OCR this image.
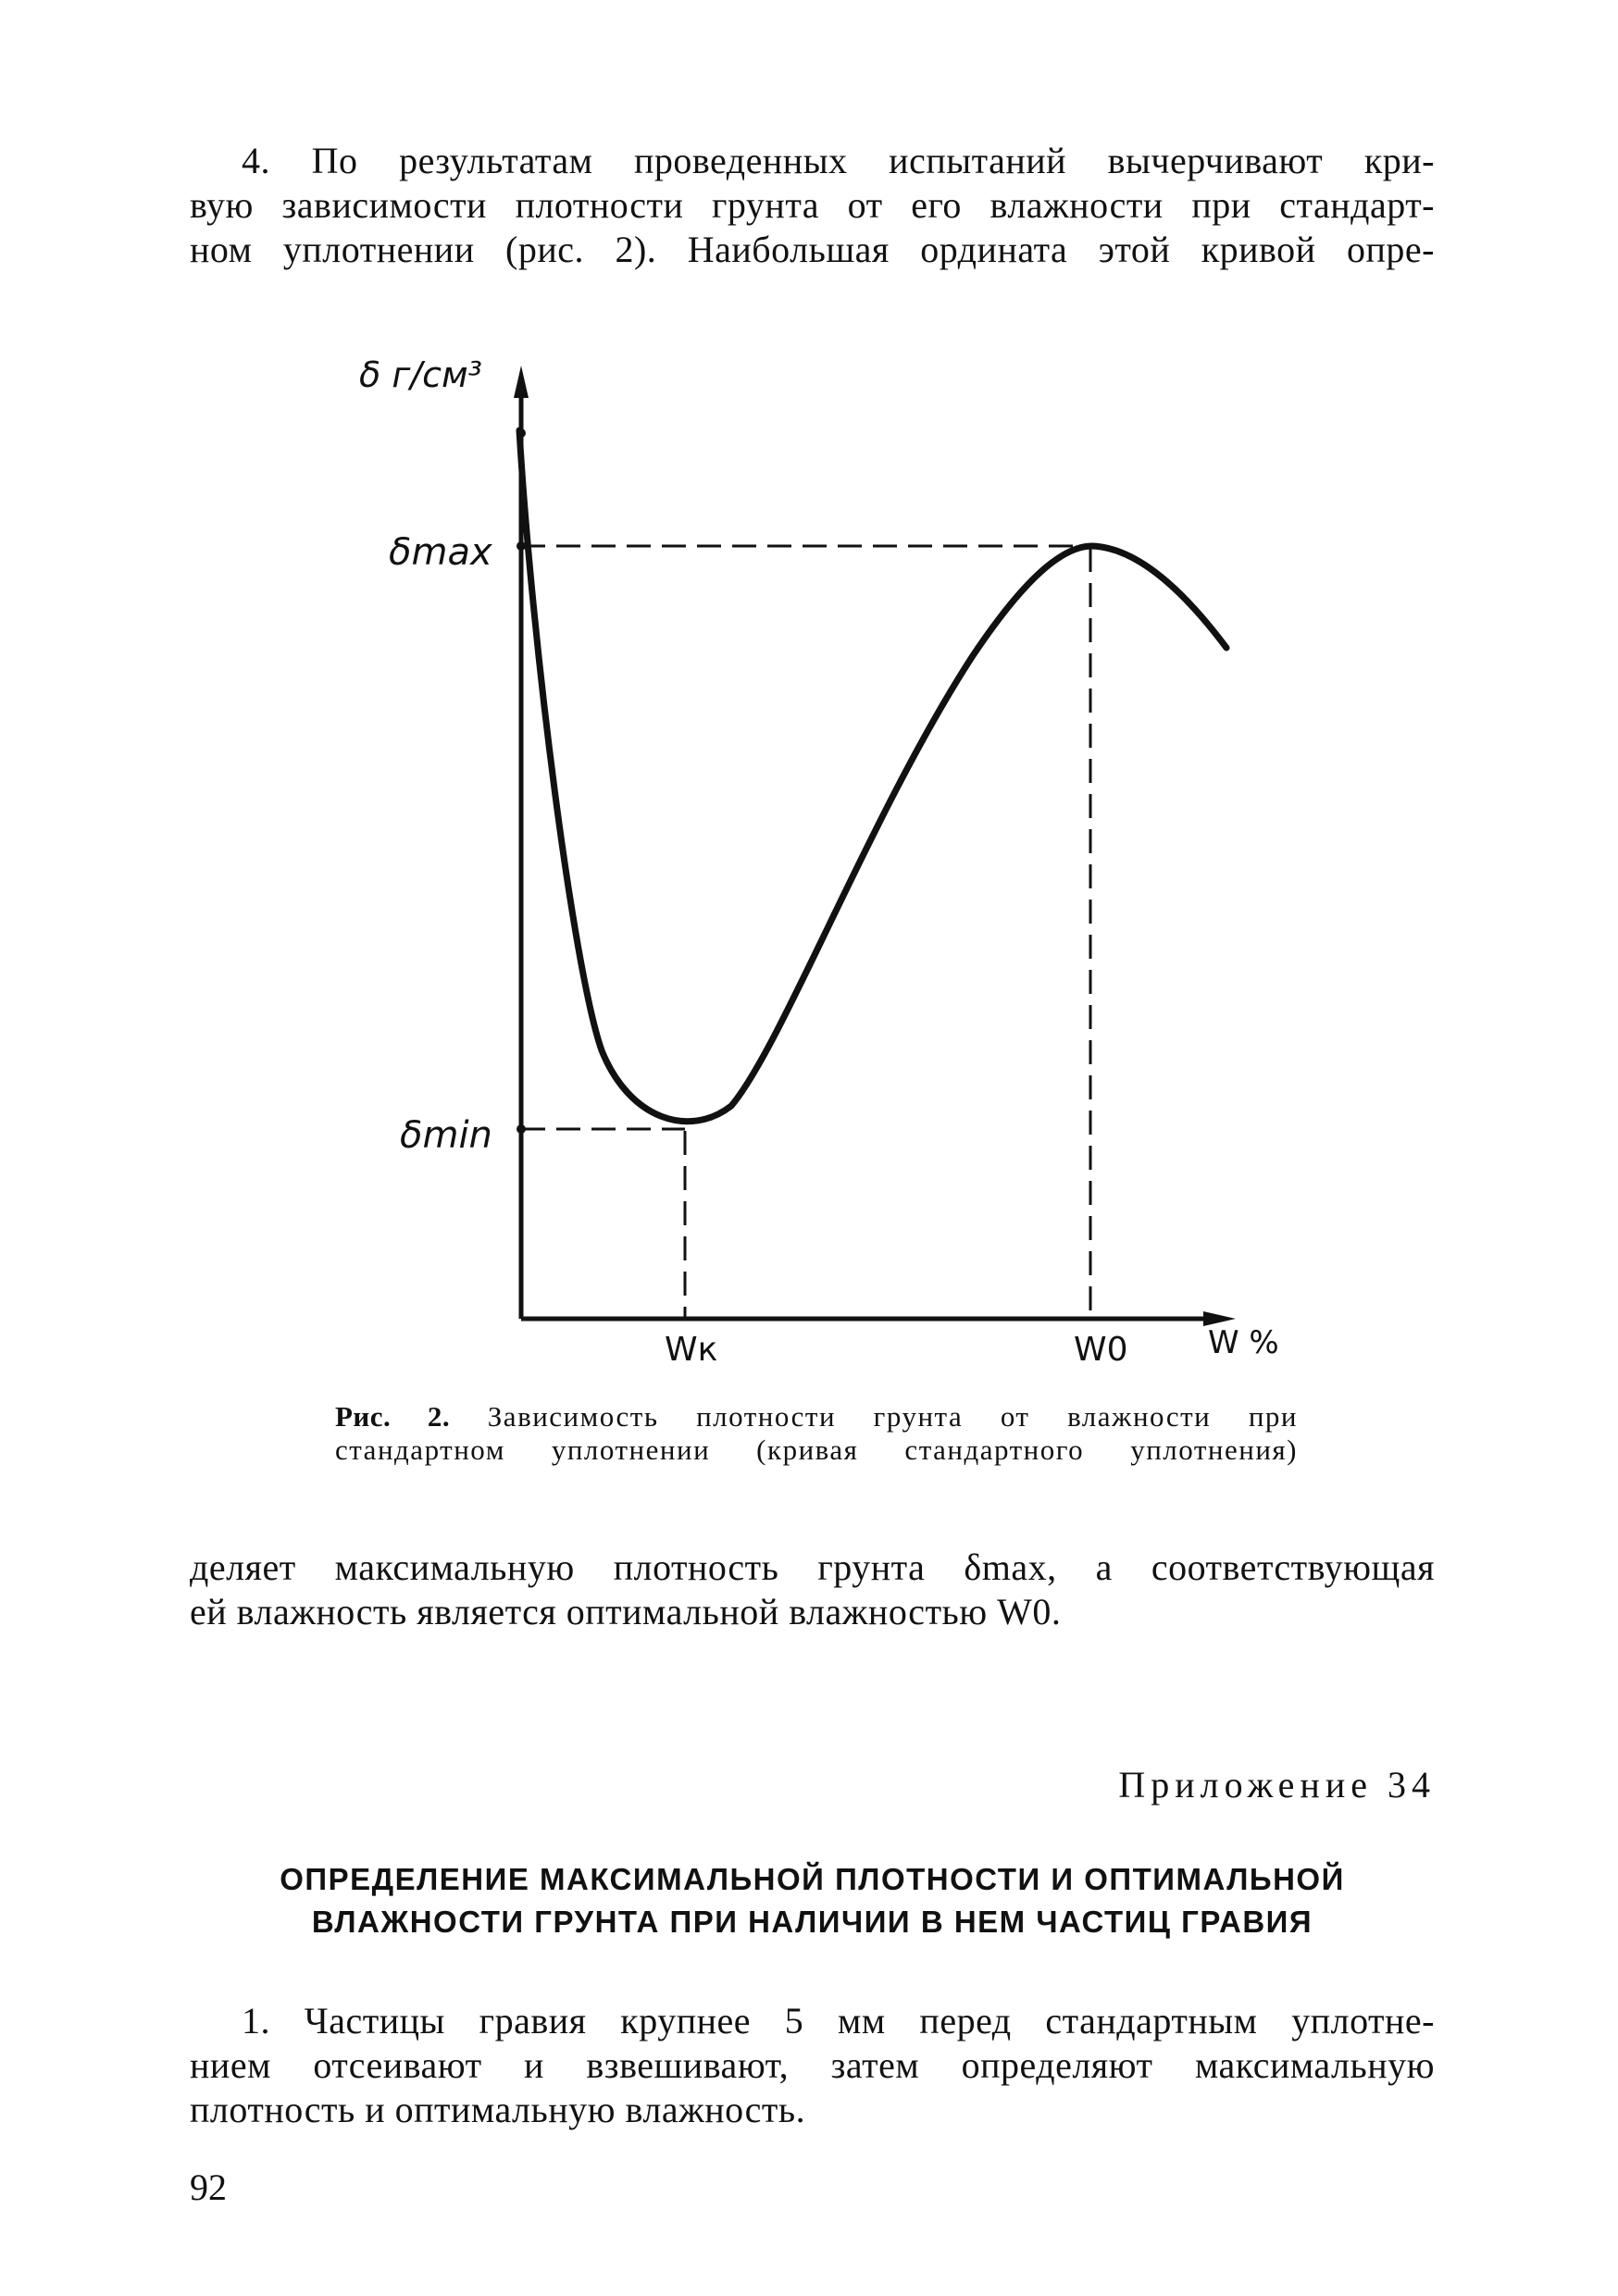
4. По результатам проведенных испытаний вычерчивают кри-
вую зависимости плотности грунта от его влажности при стандарт-
ном уплотнении (рис. 2). Наибольшая ордината этой кривой опре-
δ г/см³
δmax
δmin
Wк	W0	W %
Рис. 2. Зависимость плотности грунта от влажности при
стандартном уплотнении (кривая стандартного уплотнения)
деляет максимальную плотность грунта δmax, а соответствующая
ей влажность является оптимальной влажностью W0.
Приложение 34
ОПРЕДЕЛЕНИЕ МАКСИМАЛЬНОЙ ПЛОТНОСТИ И ОПТИМАЛЬНОЙ
ВЛАЖНОСТИ ГРУНТА ПРИ НАЛИЧИИ В НЕМ ЧАСТИЦ ГРАВИЯ
1. Частицы гравия крупнее 5 мм перед стандартным уплотне-
нием отсеивают и взвешивают, затем определяют максимальную
плотность и оптимальную влажность.
92
